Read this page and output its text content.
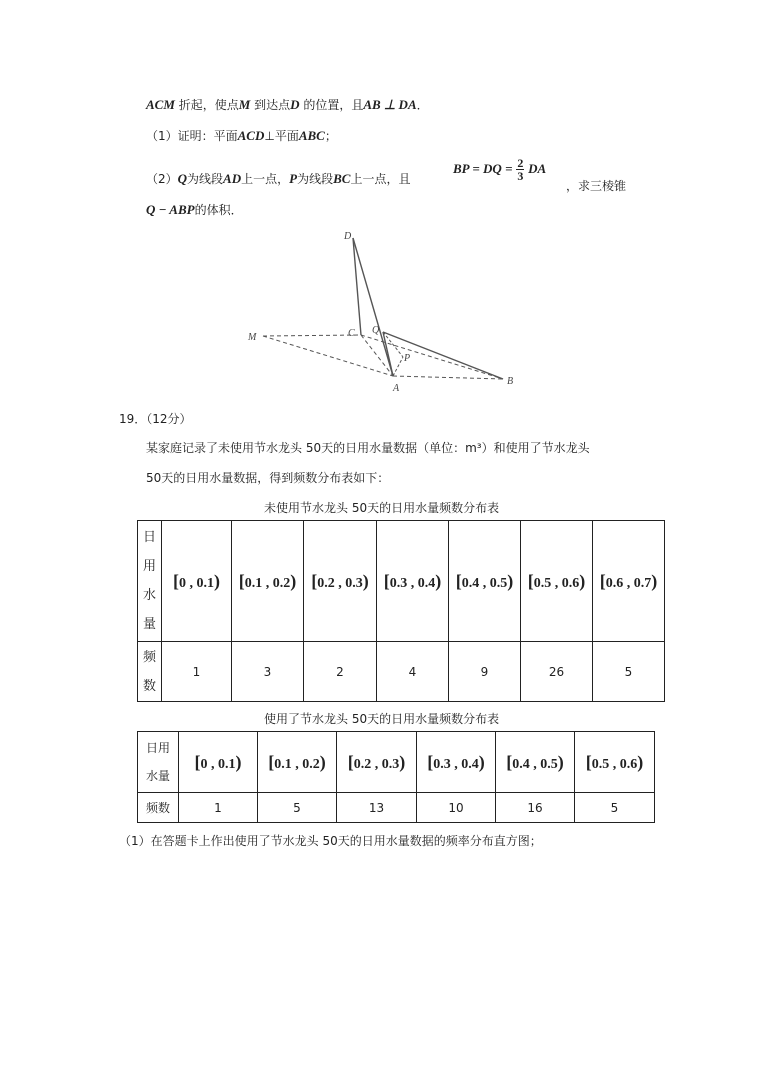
ACM 折起，使点M 到达点D 的位置，且AB ⊥ DA．
（1）证明：平面ACD⊥平面ABC；
（2）Q为线段AD上一点，P为线段BC上一点，且
BP = DQ = $\frac{2}{3}$ DA
，求三棱锥
Q − ABP的体积．
D
C Q
M
P
A
B
19．（12分）
某家庭记录了未使用节水龙头 50天的日用水量数据（单位：m³）和使用了节水龙头
50天的日用水量数据，得到频数分布表如下：
未使用节水龙头 50天的日用水量频数分布表
日
用
水
量	[0 , 0.1)	[0.1 , 0.2)	[0.2 , 0.3)	[0.3 , 0.4)	[0.4 , 0.5)	[0.5 , 0.6)	[0.6 , 0.7)
频
数	1	3	2	4	9	26	5
使用了节水龙头 50天的日用水量频数分布表
日用
水量	[0 , 0.1)	[0.1 , 0.2)	[0.2 , 0.3)	[0.3 , 0.4)	[0.4 , 0.5)	[0.5 , 0.6)
频数	1	5	13	10	16	5
（1）在答题卡上作出使用了节水龙头 50天的日用水量数据的频率分布直方图；
